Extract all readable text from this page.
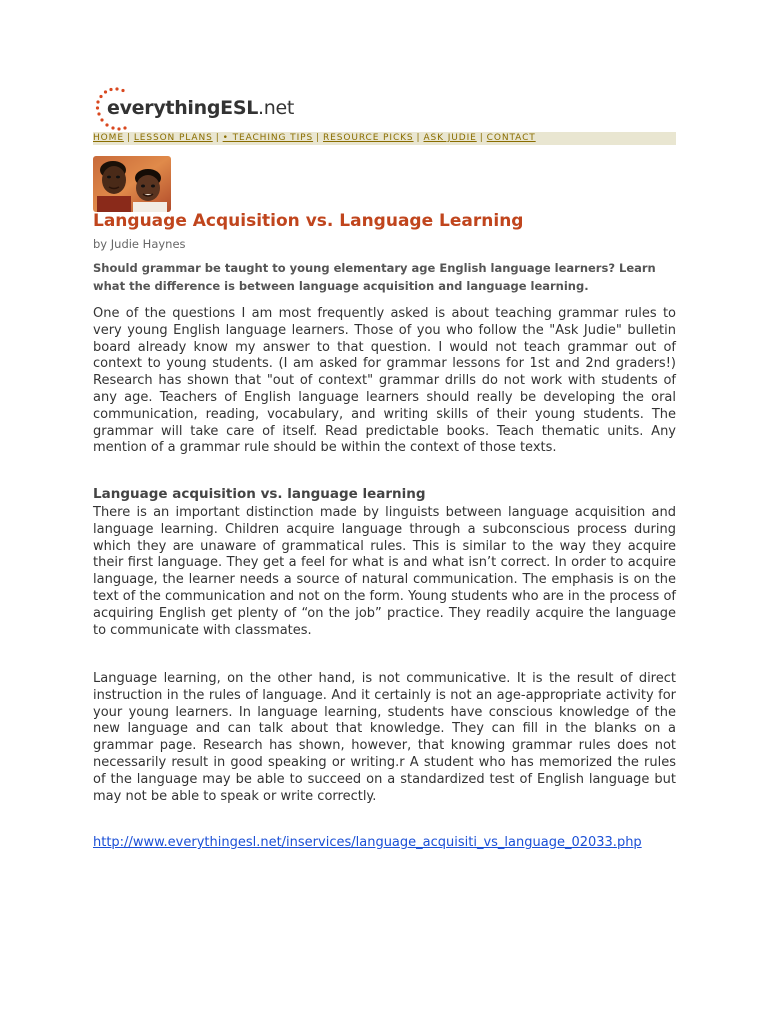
everythingESL.net
HOME | LESSON PLANS | • TEACHING TIPS | RESOURCE PICKS | ASK JUDIE | CONTACT
Language Acquisition vs. Language Learning
by Judie Haynes
Should grammar be taught to young elementary age English language learners? Learn what the difference is between language acquisition and language learning.
One of the questions I am most frequently asked is about teaching grammar rules to very young English language learners. Those of you who follow the "Ask Judie" bulletin board already know my answer to that question. I would not teach grammar out of context to young students. (I am asked for grammar lessons for 1st and 2nd graders!) Research has shown that "out of context" grammar drills do not work with students of any age. Teachers of English language learners should really be developing the oral communication, reading, vocabulary, and writing skills of their young students. The grammar will take care of itself. Read predictable books. Teach thematic units. Any mention of a grammar rule should be within the context of those texts.
Language acquisition vs. language learning
There is an important distinction made by linguists between language acquisition and language learning. Children acquire language through a subconscious process during which they are unaware of grammatical rules. This is similar to the way they acquire their first language. They get a feel for what is and what isn’t correct. In order to acquire language, the learner needs a source of natural communication. The emphasis is on the text of the communication and not on the form. Young students who are in the process of acquiring English get plenty of “on the job” practice. They readily acquire the language to communicate with classmates.
Language learning, on the other hand, is not communicative. It is the result of direct instruction in the rules of language. And it certainly is not an age-appropriate activity for your young learners. In language learning, students have conscious knowledge of the new language and can talk about that knowledge. They can fill in the blanks on a grammar page. Research has shown, however, that knowing grammar rules does not necessarily result in good speaking or writing.r A student who has memorized the rules of the language may be able to succeed on a standardized test of English language but may not be able to speak or write correctly.
http://www.everythingesl.net/inservices/language_acquisiti_vs_language_02033.php
